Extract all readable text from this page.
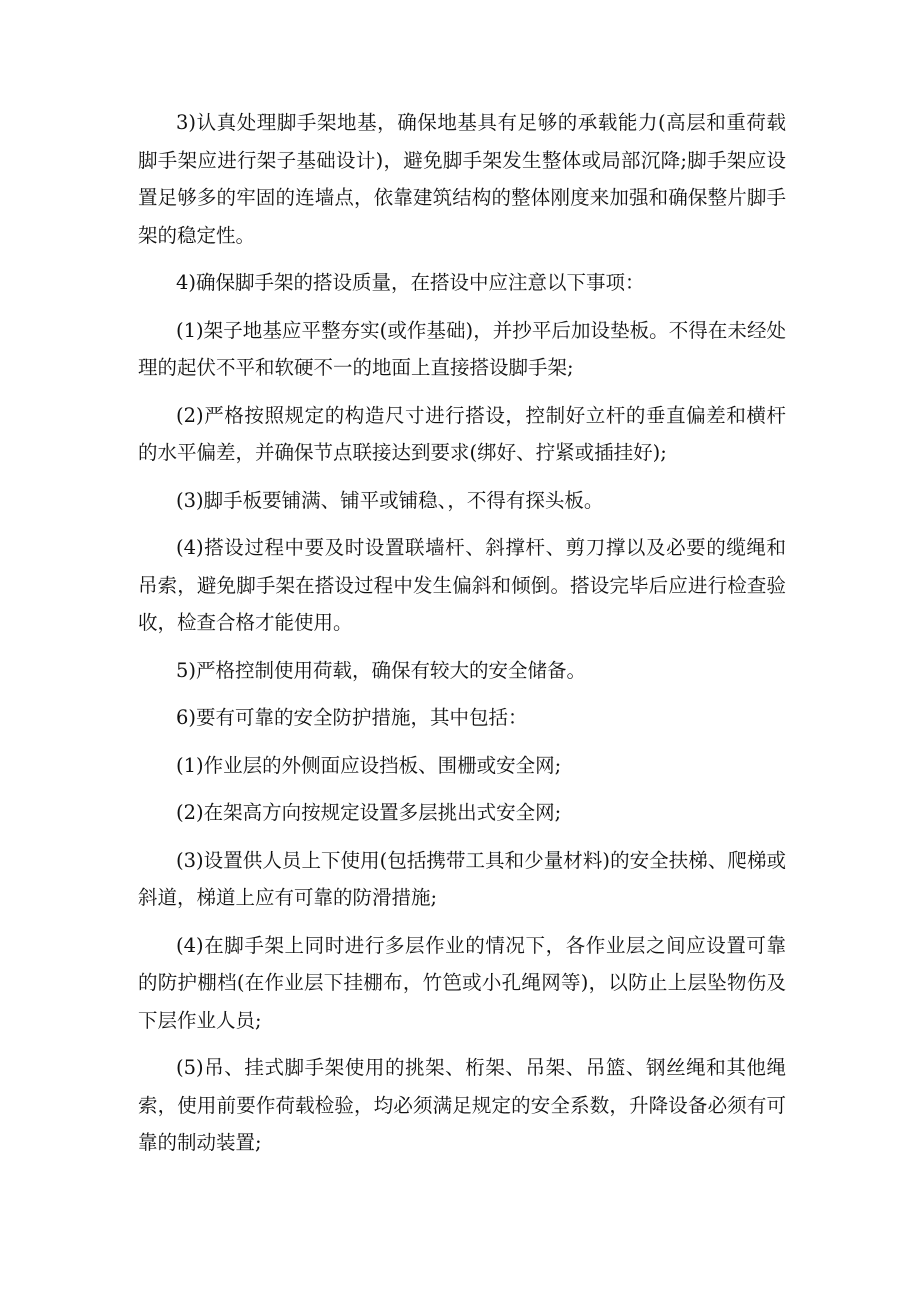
3)认真处理脚手架地基，确保地基具有足够的承载能力(高层和重荷载脚手架应进行架子基础设计)，避免脚手架发生整体或局部沉降;脚手架应设置足够多的牢固的连墙点，依靠建筑结构的整体刚度来加强和确保整片脚手架的稳定性。

4)确保脚手架的搭设质量，在搭设中应注意以下事项：

(1)架子地基应平整夯实(或作基础)，并抄平后加设垫板。不得在未经处理的起伏不平和软硬不一的地面上直接搭设脚手架;

(2)严格按照规定的构造尺寸进行搭设，控制好立杆的垂直偏差和横杆的水平偏差，并确保节点联接达到要求(绑好、拧紧或插挂好);

(3)脚手板要铺满、铺平或铺稳、，不得有探头板。

(4)搭设过程中要及时设置联墙杆、斜撑杆、剪刀撑以及必要的缆绳和吊索，避免脚手架在搭设过程中发生偏斜和倾倒。搭设完毕后应进行检查验收，检查合格才能使用。

5)严格控制使用荷载，确保有较大的安全储备。

6)要有可靠的安全防护措施，其中包括：

(1)作业层的外侧面应设挡板、围栅或安全网;

(2)在架高方向按规定设置多层挑出式安全网;

(3)设置供人员上下使用(包括携带工具和少量材料)的安全扶梯、爬梯或斜道，梯道上应有可靠的防滑措施;

(4)在脚手架上同时进行多层作业的情况下，各作业层之间应设置可靠的防护棚档(在作业层下挂棚布，竹笆或小孔绳网等)，以防止上层坠物伤及下层作业人员;

(5)吊、挂式脚手架使用的挑架、桁架、吊架、吊篮、钢丝绳和其他绳索，使用前要作荷载检验，均必须满足规定的安全系数，升降设备必须有可靠的制动装置;
